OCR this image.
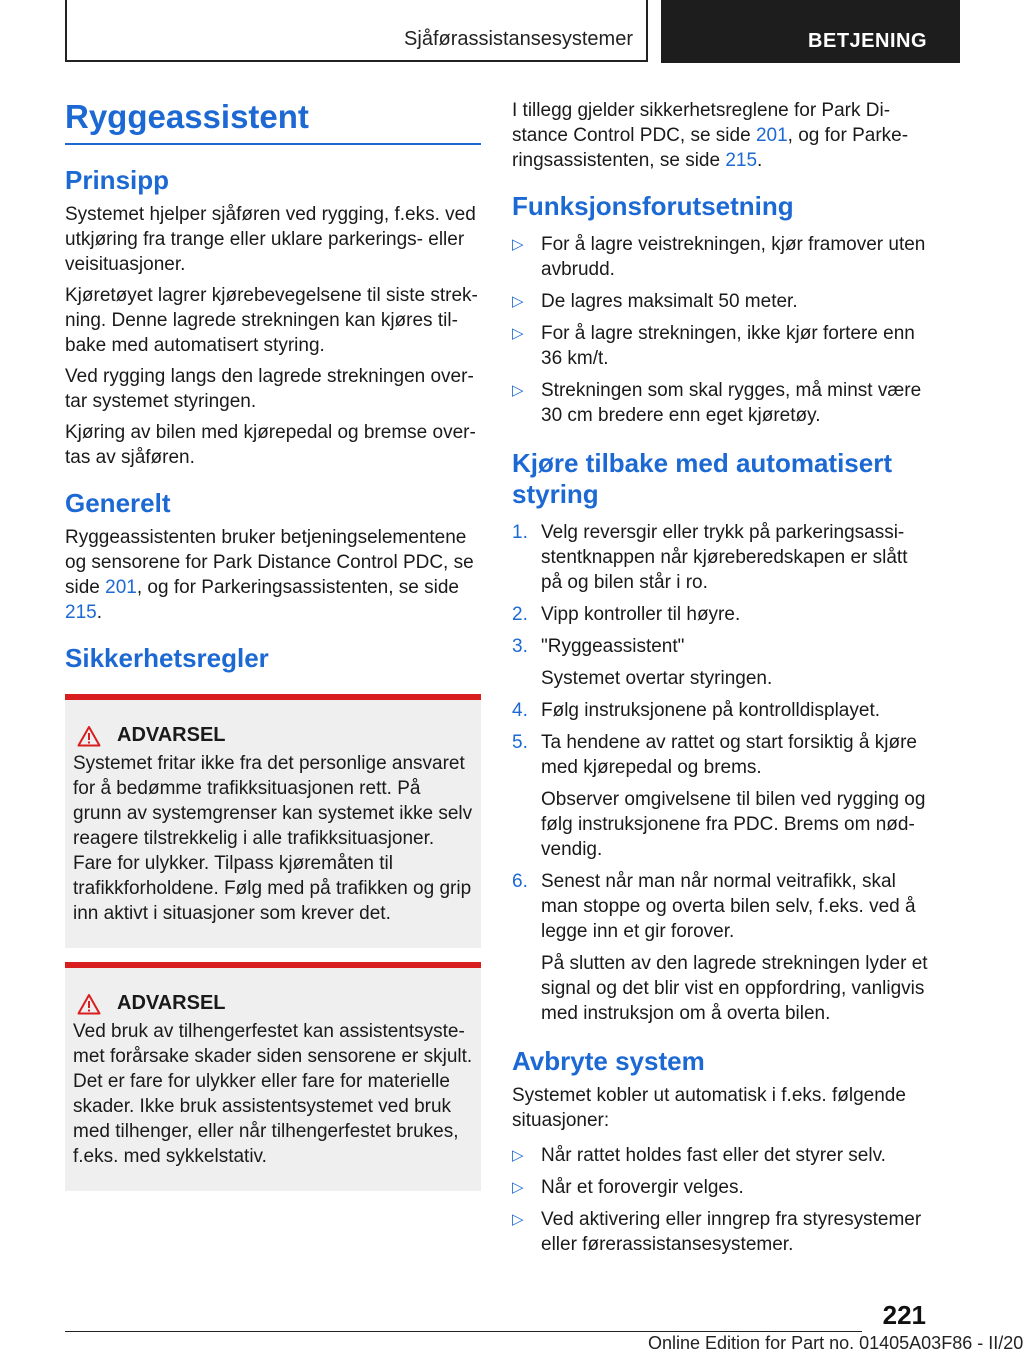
Sjåførassistansesystemer	BETJENING
Ryggeassistent
Prinsipp

Systemet hjelper sjåføren ved rygging, f.eks. ved utkjøring fra trange eller uklare parkerings- eller veisituasjoner.

Kjøretøyet lagrer kjørebevegelsene til siste strekning. Denne lagrede strekningen kan kjøres tilbake med automatisert styring.

Ved rygging langs den lagrede strekningen overtar systemet styringen.

Kjøring av bilen med kjørepedal og bremse overtas av sjåføren.

Generelt

Ryggeassistenten bruker betjeningselementene og sensorene for Park Distance Control PDC, se side 201, og for Parkeringsassistenten, se side 215.

Sikkerhetsregler
ADVARSEL

Systemet fritar ikke fra det personlige ansvaret for å bedømme trafikksituasjonen rett. På grunn av systemgrenser kan systemet ikke selv reagere tilstrekkelig i alle trafikksituasjoner. Fare for ulykker. Tilpass kjøremåten til trafikkforholdene. Følg med på trafikken og grip inn aktivt i situasjoner som krever det.

ADVARSEL

Ved bruk av tilhengerfestet kan assistentsystemet forårsake skader siden sensorene er skjult. Det er fare for ulykker eller fare for materielle skader. Ikke bruk assistentsystemet ved bruk med tilhenger, eller når tilhengerfestet brukes, f.eks. med sykkelstativ.

I tillegg gjelder sikkerhetsreglene for Park Distance Control PDC, se side 201, og for Parkeringsassistenten, se side 215.

Funksjonsforutsetning
▷ For å lagre veistrekningen, kjør framover uten avbrudd.
▷ De lagres maksimalt 50 meter.
▷ For å lagre strekningen, ikke kjør fortere enn 36 km/t.
▷ Strekningen som skal rygges, må minst være 30 cm bredere enn eget kjøretøy.
Kjøre tilbake med automatisert styring
1. Velg reversgir eller trykk på parkeringsassistentknappen når kjøreberedskapen er slått på og bilen står i ro.

2. Vipp kontroller til høyre.

3. "Ryggeassistent"

Systemet overtar styringen.

4. Følg instruksjonene på kontrolldisplayet.

5. Ta hendene av rattet og start forsiktig å kjøre med kjørepedal og brems.

Observer omgivelsene til bilen ved rygging og følg instruksjonene fra PDC. Brems om nødvendig.

6. Senest når man når normal veitrafikk, skal man stoppe og overta bilen selv, f.eks. ved å legge inn et gir forover.

På slutten av den lagrede strekningen lyder et signal og det blir vist en oppfordring, vanligvis med instruksjon om å overta bilen.

Avbryte system

Systemet kobler ut automatisk i f.eks. følgende situasjoner:

▷ Når rattet holdes fast eller det styrer selv.
▷ Når et forovergir velges.
▷ Ved aktivering eller inngrep fra styresystemer eller førerassistansesystemer.
221
Online Edition for Part no. 01405A03F86 - II/20
